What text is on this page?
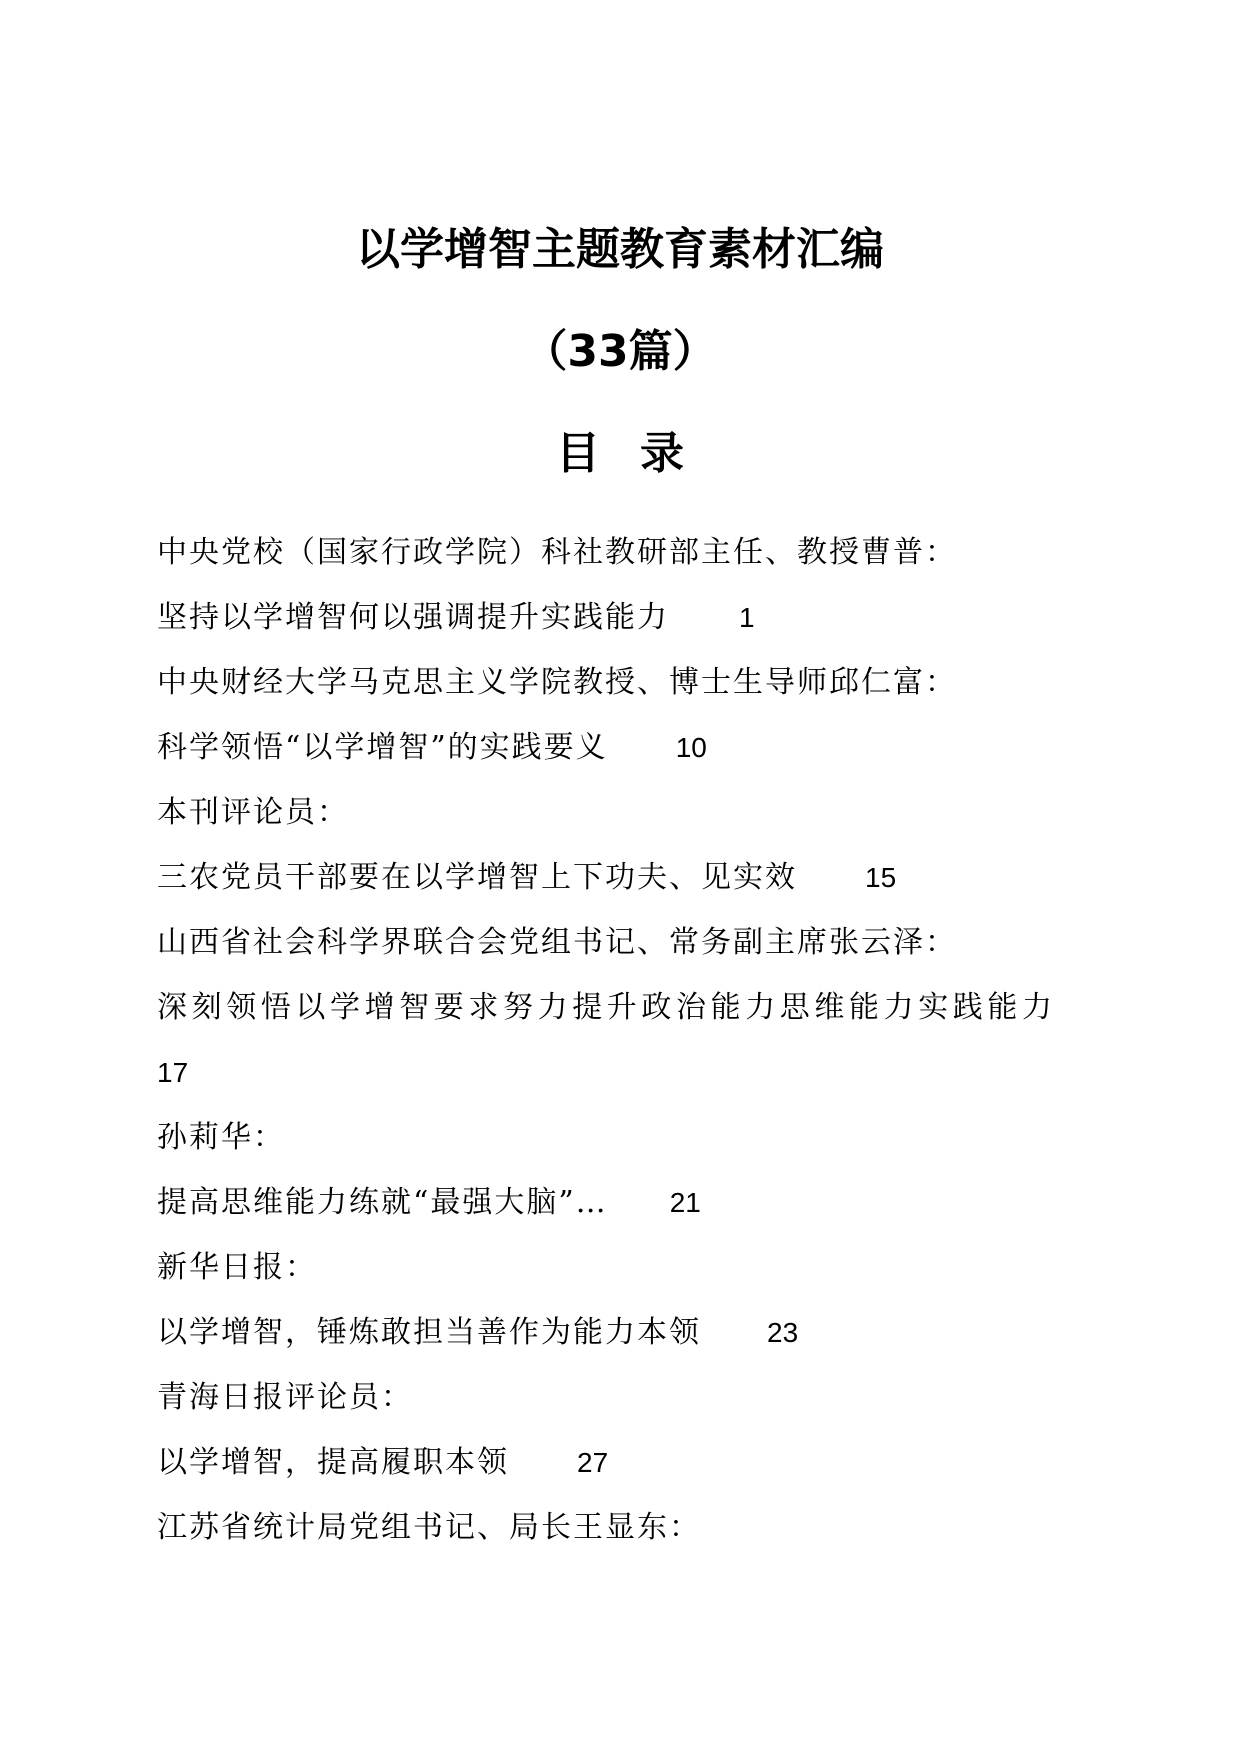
以学增智主题教育素材汇编
（33篇）
目录
中央党校（国家行政学院）科社教研部主任、教授曹普：
坚持以学增智何以强调提升实践能力	1
中央财经大学马克思主义学院教授、博士生导师邱仁富：
科学领悟“以学增智”的实践要义 10
本刊评论员：
三农党员干部要在以学增智上下功夫、见实效 15
山西省社会科学界联合会党组书记、常务副主席张云泽：
深刻领悟以学增智要求努力提升政治能力思维能力实践能力
17
孙莉华：
提高思维能力练就“最强大脑”… 21
新华日报：
以学增智，锤炼敢担当善作为能力本领 23
青海日报评论员：
以学增智，提高履职本领 27
江苏省统计局党组书记、局长王显东：
